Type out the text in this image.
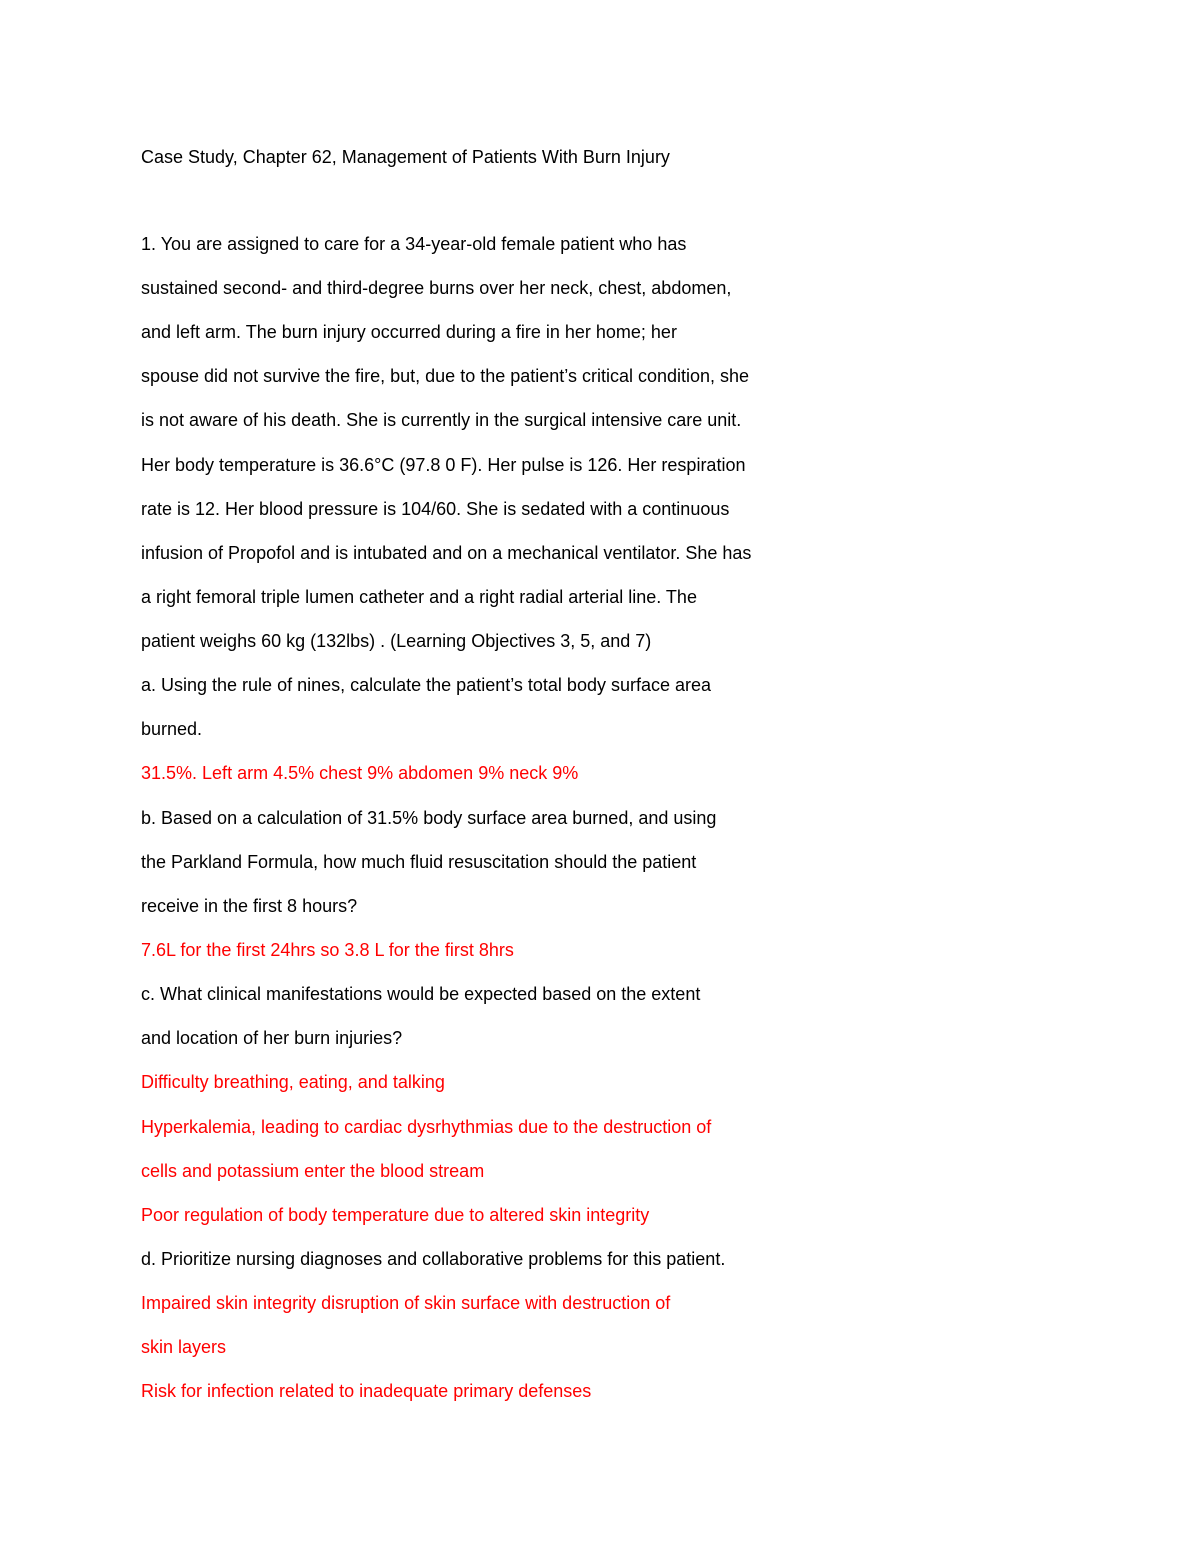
Case Study, Chapter 62, Management of Patients With Burn Injury
1. You are assigned to care for a 34-year-old female patient who has
sustained second- and third-degree burns over her neck, chest, abdomen,
and left arm. The burn injury occurred during a fire in her home; her
spouse did not survive the fire, but, due to the patient’s critical condition, she
is not aware of his death. She is currently in the surgical intensive care unit.
Her body temperature is 36.6°C (97.8 0 F). Her pulse is 126. Her respiration
rate is 12. Her blood pressure is 104/60. She is sedated with a continuous
infusion of Propofol and is intubated and on a mechanical ventilator. She has
a right femoral triple lumen catheter and a right radial arterial line. The
patient weighs 60 kg (132lbs) . (Learning Objectives 3, 5, and 7)
a. Using the rule of nines, calculate the patient’s total body surface area
burned.
31.5%. Left arm 4.5% chest 9% abdomen 9% neck 9%
b. Based on a calculation of 31.5% body surface area burned, and using
the Parkland Formula, how much fluid resuscitation should the patient
receive in the first 8 hours?
7.6L for the first 24hrs so 3.8 L for the first 8hrs
c. What clinical manifestations would be expected based on the extent
and location of her burn injuries?
Difficulty breathing, eating, and talking
Hyperkalemia, leading to cardiac dysrhythmias due to the destruction of
cells and potassium enter the blood stream
Poor regulation of body temperature due to altered skin integrity
d. Prioritize nursing diagnoses and collaborative problems for this patient.
Impaired skin integrity disruption of skin surface with destruction of
skin layers
Risk for infection related to inadequate primary defenses
